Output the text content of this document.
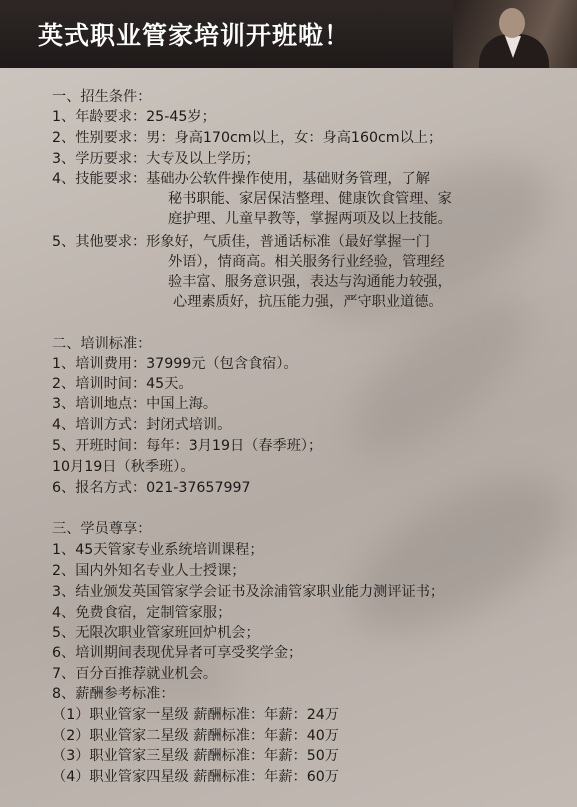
英式职业管家培训开班啦！
一、招生条件：
1、年龄要求：25-45岁；
2、性别要求：男：身高170cm以上，女：身高160cm以上；
3、学历要求：大专及以上学历；
4、技能要求：基础办公软件操作使用，基础财务管理，了解
秘书职能、家居保洁整理、健康饮食管理、家
庭护理、儿童早教等，掌握两项及以上技能。
5、其他要求：形象好，气质佳，普通话标准（最好掌握一门
外语），情商高。相关服务行业经验，管理经
验丰富、服务意识强，表达与沟通能力较强，
心理素质好，抗压能力强，严守职业道德。
二、培训标准：
1、培训费用：37999元（包含食宿）。
2、培训时间：45天。
3、培训地点：中国上海。
4、培训方式：封闭式培训。
5、开班时间：每年：3月19日（春季班）；
10月19日（秋季班）。
6、报名方式：021-37657997
三、学员尊享：
1、45天管家专业系统培训课程；
2、国内外知名专业人士授课；
3、结业颁发英国管家学会证书及涂浦管家职业能力测评证书；
4、免费食宿，定制管家服；
5、无限次职业管家班回炉机会；
6、培训期间表现优异者可享受奖学金；
7、百分百推荐就业机会。
8、薪酬参考标准：
（1）职业管家一星级 薪酬标准：年薪：24万
（2）职业管家二星级 薪酬标准：年薪：40万
（3）职业管家三星级 薪酬标准：年薪：50万
（4）职业管家四星级 薪酬标准：年薪：60万
